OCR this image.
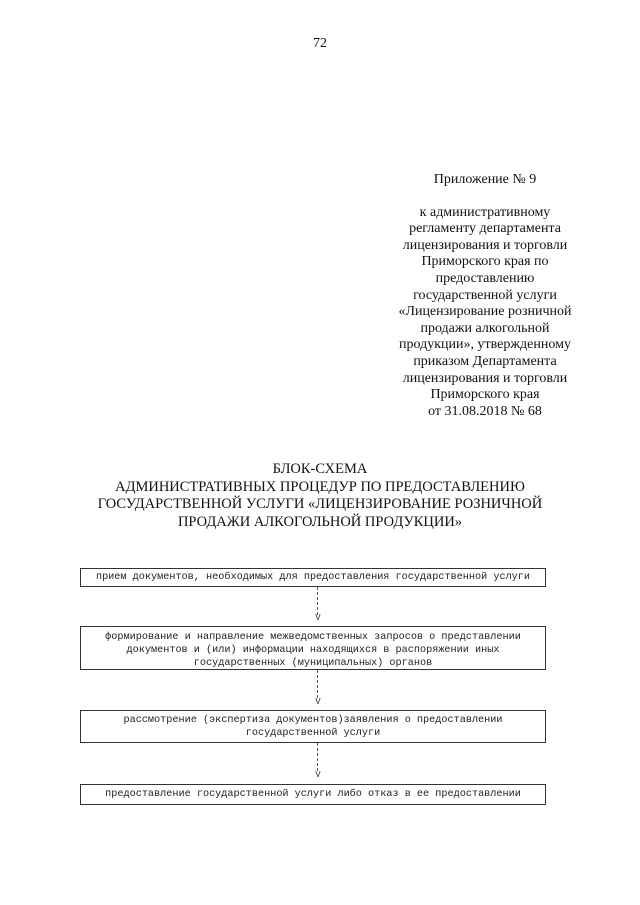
72
Приложение № 9
к административному
регламенту департамента
лицензирования и торговли
Приморского края по
предоставлению
государственной услуги
«Лицензирование розничной
продажи алкогольной
продукции», утвержденному
приказом Департамента
лицензирования и торговли
Приморского края
от 31.08.2018 № 68
БЛОК-СХЕМА
АДМИНИСТРАТИВНЫХ ПРОЦЕДУР ПО ПРЕДОСТАВЛЕНИЮ
ГОСУДАРСТВЕННОЙ УСЛУГИ «ЛИЦЕНЗИРОВАНИЕ РОЗНИЧНОЙ
ПРОДАЖИ АЛКОГОЛЬНОЙ ПРОДУКЦИИ»
прием документов, необходимых для предоставления государственной услуги
V
формирование и направление межведомственных запросов о представлении
документов и (или) информации находящихся в распоряжении иных
государственных (муниципальных) органов
V
рассмотрение (экспертиза документов)заявления о предоставлении
государственной услуги
V
предоставление государственной услуги либо отказ в ее предоставлении
